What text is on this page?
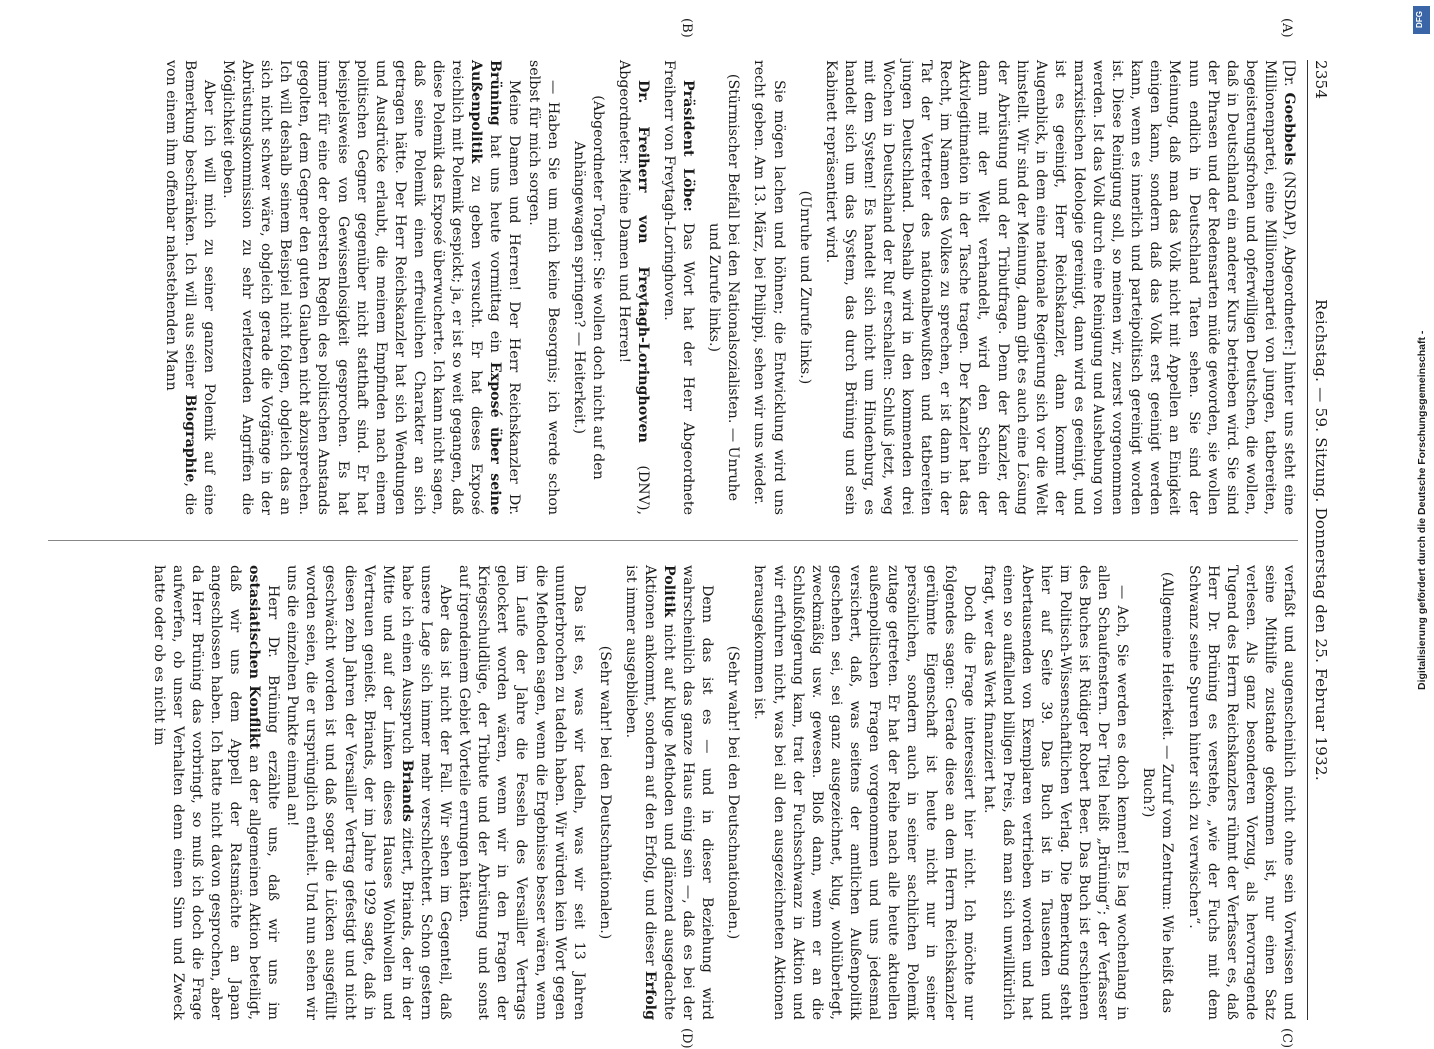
2354
Reichstag. — 59. Sitzung. Donnerstag den 25. Februar 1932.
(A)
(B)
(C)
(D)

[Dr. Goebbels (NSDAP), Abgeordneter:] hinter uns steht eine Millionenpartei, eine Millionenpartei von jungen, tatbereiten, begeisterungsfrohen und opferwilligen Deutschen, die wollen, daß in Deutschland ein anderer Kurs betrieben wird. Sie sind der Phrasen und der Redensarten müde geworden, sie wollen nun endlich in Deutschland Taten sehen. Sie sind der Meinung, daß man das Volk nicht mit Appellen an Einigkeit einigen kann, sondern daß das Volk erst geeinigt werden kann, wenn es innerlich und parteipolitisch gereinigt worden ist. Diese Reinigung soll, so meinen wir, zuerst vorgenommen werden. Ist das Volk durch eine Reinigung und Aushebung von marxistischen Ideologie gereinigt, dann wird es geeinigt, und ist es geeinigt, Herr Reichskanzler, dann kommt der Augenblick, in dem eine nationale Regierung sich vor die Welt hinstellt. Wir sind der Meinung, dann gibt es auch eine Lösung der Abrüstung und der Tributfrage. Denn der Kanzler, der dann mit der Welt verhandelt, wird den Schein der Aktivlegitimation in der Tasche tragen. Der Kanzler hat das Recht, im Namen des Volkes zu sprechen, er ist dann in der Tat der Vertreter des nationalbewußten und tatbereiten jungen Deutschland. Deshalb wird in den kommenden drei Wochen in Deutschland der Ruf erschallen: Schluß jetzt, weg mit dem System! Es handelt sich nicht um Hindenburg, es handelt sich um das System, das durch Brüning und sein Kabinett repräsentiert wird.

(Unruhe und Zurufe links.)

Sie mögen lachen und höhnen; die Entwicklung wird uns recht geben. Am 13. März, bei Philippi, sehen wir uns wieder.

(Stürmischer Beifall bei den Nationalsozialisten. — Unruhe und Zurufe links.)

Präsident Löbe: Das Wort hat der Herr Abgeordnete Freiherr von Freytagh-Loringhoven.

Dr. Freiherr von Freytagh-Loringhoven (DNV), Abgeordneter: Meine Damen und Herren!

(Abgeordneter Torgler: Sie wollen doch nicht auf den Anhängewagen springen? — Heiterkeit.)

— Haben Sie um mich keine Besorgnis; ich werde schon selbst für mich sorgen.

Meine Damen und Herren! Der Herr Reichskanzler Dr. Brüning hat uns heute vormittag ein Exposé über seine Außenpolitik zu geben versucht. Er hat dieses Exposé reichlich mit Polemik gespickt; ja, er ist so weit gegangen, daß diese Polemik das Exposé überwucherte. Ich kann nicht sagen, daß seine Polemik einen erfreulichen Charakter an sich getragen hätte. Der Herr Reichskanzler hat sich Wendungen und Ausdrücke erlaubt, die meinem Empfinden nach einem politischen Gegner gegenüber nicht statthaft sind. Er hat beispielsweise von Gewissenlosigkeit gesprochen. Es hat immer für eine der obersten Regeln des politischen Anstands gegolten, dem Gegner den guten Glauben nicht abzusprechen. Ich will deshalb seinem Beispiel nicht folgen, obgleich das an sich nicht schwer wäre, obgleich gerade die Vorgänge in der Abrüstungskommission zu sehr verletzenden Angriffen die Möglichkeit geben.

Aber ich will mich zu seiner ganzen Polemik auf eine Bemerkung beschränken. Ich will aus seiner Biographie, die von einem ihm offenbar nahestehenden Mann

verfaßt und augenscheinlich nicht ohne sein Vorwissen und seine Mithilfe zustande gekommen ist, nur einen Satz verlesen. Als ganz besonderen Vorzug, als hervorragende Tugend des Herrn Reichskanzlers rühmt der Verfasser es, daß Herr Dr. Brüning es verstehe, „wie der Fuchs mit dem Schwanz seine Spuren hinter sich zu verwischen“.

(Allgemeine Heiterkeit. — Zuruf vom Zentrum: Wie heißt das Buch?)

— Ach, Sie werden es doch kennen! Es lag wochenlang in allen Schaufenstern. Der Titel heißt „Brüning“; der Verfasser des Buches ist Rüdiger Robert Beer. Das Buch ist erschienen im Politisch-Wissenschaftlichen Verlag. Die Bemerkung steht hier auf Seite 39. Das Buch ist in Tausenden und Abertausenden von Exemplaren vertrieben worden und hat einen so auffallend billigen Preis, daß man sich unwillkürlich fragt, wer das Werk finanziert hat.

Doch die Frage interessiert hier nicht. Ich möchte nur folgendes sagen: Gerade diese an dem Herrn Reichskanzler gerühmte Eigenschaft ist heute nicht nur in seiner persönlichen, sondern auch in seiner sachlichen Polemik zutage getreten. Er hat der Reihe nach alle heute aktuellen außenpolitischen Fragen vorgenommen und uns jedesmal versichert, daß, was seitens der amtlichen Außenpolitik geschehen sei, sei ganz ausgezeichnet, klug, wohlüberlegt, zweckmäßig usw. gewesen. Bloß dann, wenn er an die Schlußfolgerung kam, trat der Fuchsschwanz in Aktion und wir erfuhren nicht, was bei all den ausgezeichneten Aktionen herausgekommen ist.

(Sehr wahr! bei den Deutschnationalen.)

Denn das ist es — und in dieser Beziehung wird wahrscheinlich das ganze Haus einig sein —, daß es bei der Politik nicht auf kluge Methoden und glänzend ausgedachte Aktionen ankommt, sondern auf den Erfolg, und dieser Erfolg ist immer ausgeblieben.

(Sehr wahr! bei den Deutschnationalen.)

Das ist es, was wir tadeln, was wir seit 13 Jahren ununterbrochen zu tadeln haben. Wir würden kein Wort gegen die Methoden sagen, wenn die Ergebnisse besser wären, wenn im Laufe der Jahre die Fesseln des Versailler Vertrags gelockert worden wären, wenn wir in den Fragen der Kriegsschuldlüge, der Tribute und der Abrüstung und sonst auf irgendeinem Gebiet Vorteile errungen hätten.

Aber das ist nicht der Fall. Wir sehen im Gegenteil, daß unsere Lage sich immer mehr verschlechtert. Schon gestern habe ich einen Ausspruch Briands zitiert, Briands, der in der Mitte und auf der Linken dieses Hauses Wohlwollen und Vertrauen genießt. Briands, der im Jahre 1929 sagte, daß in diesen zehn Jahren der Versailler Vertrag gefestigt und nicht geschwächt worden ist und daß sogar die Lücken ausgefüllt worden seien, die er ursprünglich enthielt. Und nun sehen wir uns die einzelnen Punkte einmal an!

Herr Dr. Brüning erzählte uns, daß wir uns im ostasiatischen Konflikt an der allgemeinen Aktion beteiligt, daß wir uns dem Appell der Ratsmächte an Japan angeschlossen haben. Ich hatte nicht davon gesprochen, aber da Herr Brüning das vorbringt, so muß ich doch die Frage aufwerfen, ob unser Verhalten denn einen Sinn und Zweck hatte oder ob es nicht im

DFG
Digitalisierung gefördert durch die Deutsche Forschungsgemeinschaft -
